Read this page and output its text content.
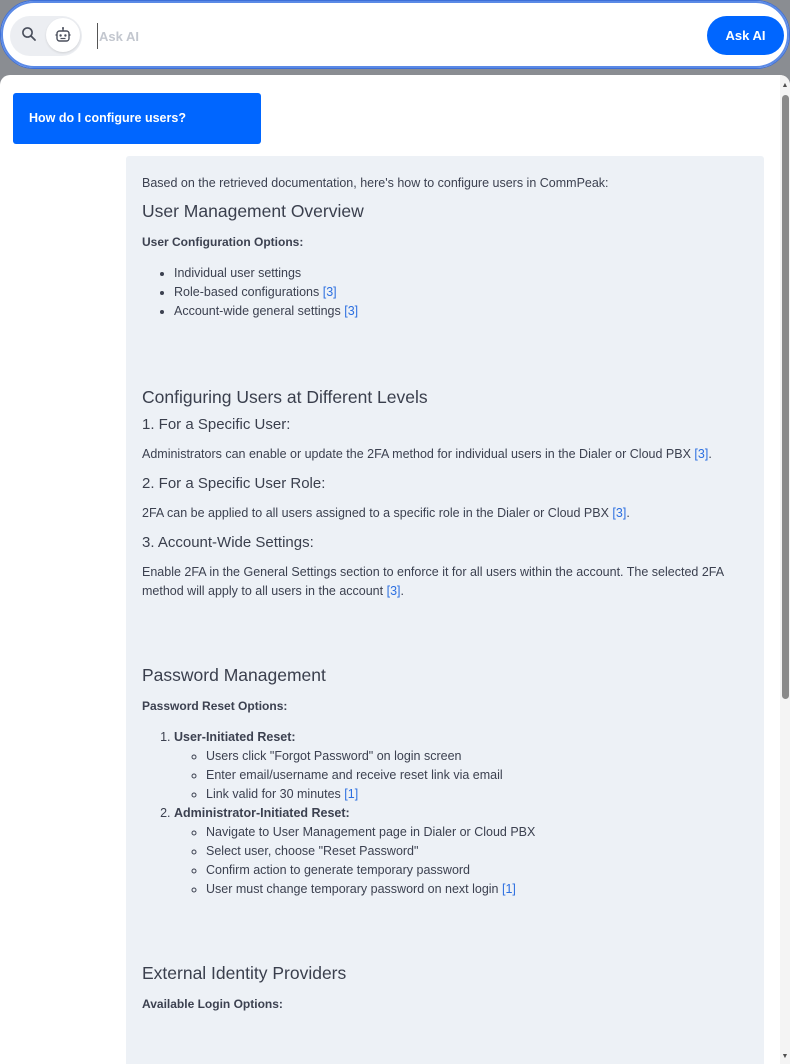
Ask AI
Ask AI
How do I configure users?

Based on the retrieved documentation, here's how to configure users in CommPeak:

User Management Overview

User Configuration Options:

• Individual user settings
• Role-based configurations [3]
• Account-wide general settings [3]
Configuring Users at Different Levels
1. For a Specific User:

Administrators can enable or update the 2FA method for individual users in the Dialer or Cloud PBX [3].

2. For a Specific User Role:

2FA can be applied to all users assigned to a specific role in the Dialer or Cloud PBX [3].

3. Account-Wide Settings:

Enable 2FA in the General Settings section to enforce it for all users within the account. The selected 2FA method will apply to all users in the account [3].

Password Management

Password Reset Options:

1. User-Initiated Reset:
◦ Users click "Forgot Password" on login screen
◦ Enter email/username and receive reset link via email
◦ Link valid for 30 minutes [1]
2. Administrator-Initiated Reset:
◦ Navigate to User Management page in Dialer or Cloud PBX
◦ Select user, choose "Reset Password"
◦ Confirm action to generate temporary password
◦ User must change temporary password on next login [1]
External Identity Providers

Available Login Options:

▲
▼
